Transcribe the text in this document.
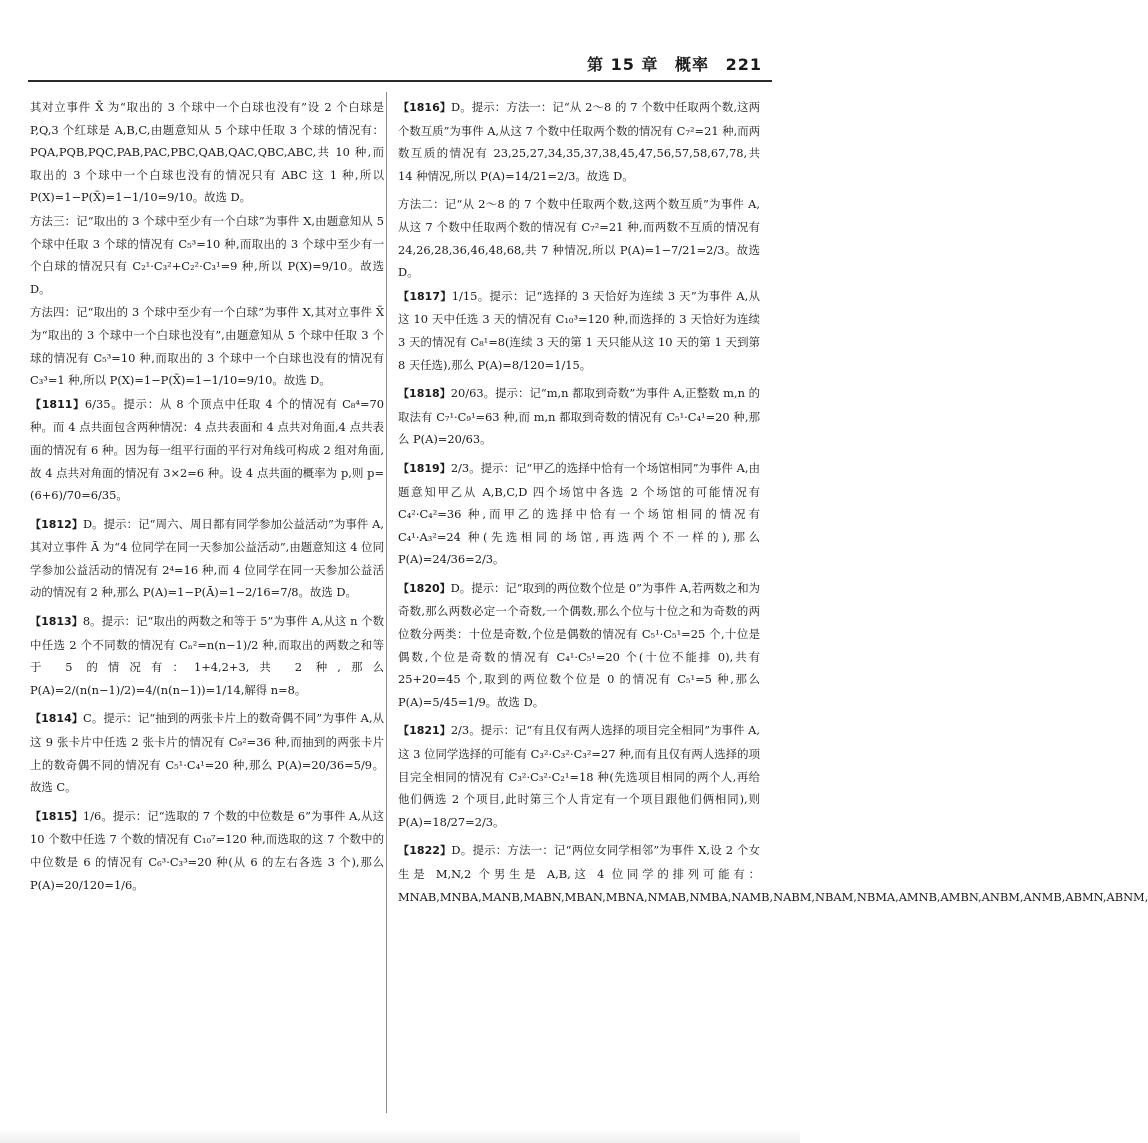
第 15 章 概率 221

其对立事件 X̄ 为“取出的 3 个球中一个白球也没有”设 2 个白球是 P,Q,3 个红球是 A,B,C,由题意知从 5 个球中任取 3 个球的情况有：PQA,PQB,PQC,PAB,PAC,PBC,QAB,QAC,QBC,ABC,共 10 种,而取出的 3 个球中一个白球也没有的情况只有 ABC 这 1 种,所以 P(X)=1−P(X̄)=1−1/10=9/10。故选 D。

方法三：记“取出的 3 个球中至少有一个白球”为事件 X,由题意知从 5 个球中任取 3 个球的情况有 C₅³=10 种,而取出的 3 个球中至少有一个白球的情况只有 C₂¹·C₃²+C₂²·C₃¹=9 种,所以 P(X)=9/10。故选 D。

方法四：记“取出的 3 个球中至少有一个白球”为事件 X,其对立事件 X̄ 为“取出的 3 个球中一个白球也没有”,由题意知从 5 个球中任取 3 个球的情况有 C₅³=10 种,而取出的 3 个球中一个白球也没有的情况有 C₃³=1 种,所以 P(X)=1−P(X̄)=1−1/10=9/10。故选 D。

【1811】6/35。提示：从 8 个顶点中任取 4 个的情况有 C₈⁴=70 种。而 4 点共面包含两种情况：4 点共表面和 4 点共对角面,4 点共表面的情况有 6 种。因为每一组平行面的平行对角线可构成 2 组对角面,故 4 点共对角面的情况有 3×2=6 种。设 4 点共面的概率为 p,则 p=(6+6)/70=6/35。

【1812】D。提示：记“周六、周日都有同学参加公益活动”为事件 A,其对立事件 Ā 为“4 位同学在同一天参加公益活动”,由题意知这 4 位同学参加公益活动的情况有 2⁴=16 种,而 4 位同学在同一天参加公益活动的情况有 2 种,那么 P(A)=1−P(Ā)=1−2/16=7/8。故选 D。

【1813】8。提示：记“取出的两数之和等于 5”为事件 A,从这 n 个数中任选 2 个不同数的情况有 Cₙ²=n(n−1)/2 种,而取出的两数之和等于 5 的情况有：1+4,2+3,共 2 种,那么 P(A)=2/(n(n−1)/2)=4/(n(n−1))=1/14,解得 n=8。

【1814】C。提示：记“抽到的两张卡片上的数奇偶不同”为事件 A,从这 9 张卡片中任选 2 张卡片的情况有 C₉²=36 种,而抽到的两张卡片上的数奇偶不同的情况有 C₅¹·C₄¹=20 种,那么 P(A)=20/36=5/9。故选 C。

【1815】1/6。提示：记“选取的 7 个数的中位数是 6”为事件 A,从这 10 个数中任选 7 个数的情况有 C₁₀⁷=120 种,而选取的这 7 个数中的中位数是 6 的情况有 C₆³·C₃³=20 种(从 6 的左右各选 3 个),那么 P(A)=20/120=1/6。

【1816】D。提示：方法一：记“从 2～8 的 7 个数中任取两个数,这两个数互质”为事件 A,从这 7 个数中任取两个数的情况有 C₇²=21 种,而两数互质的情况有 23,25,27,34,35,37,38,45,47,56,57,58,67,78,共 14 种情况,所以 P(A)=14/21=2/3。故选 D。

方法二：记“从 2～8 的 7 个数中任取两个数,这两个数互质”为事件 A,从这 7 个数中任取两个数的情况有 C₇²=21 种,而两数不互质的情况有 24,26,28,36,46,48,68,共 7 种情况,所以 P(A)=1−7/21=2/3。故选 D。

【1817】1/15。提示：记“选择的 3 天恰好为连续 3 天”为事件 A,从这 10 天中任选 3 天的情况有 C₁₀³=120 种,而选择的 3 天恰好为连续 3 天的情况有 C₈¹=8(连续 3 天的第 1 天只能从这 10 天的第 1 天到第 8 天任选),那么 P(A)=8/120=1/15。

【1818】20/63。提示：记“m,n 都取到奇数”为事件 A,正整数 m,n 的取法有 C₇¹·C₉¹=63 种,而 m,n 都取到奇数的情况有 C₅¹·C₄¹=20 种,那么 P(A)=20/63。

【1819】2/3。提示：记“甲乙的选择中恰有一个场馆相同”为事件 A,由题意知甲乙从 A,B,C,D 四个场馆中各选 2 个场馆的可能情况有 C₄²·C₄²=36 种,而甲乙的选择中恰有一个场馆相同的情况有 C₄¹·A₃²=24 种(先选相同的场馆,再选两个不一样的),那么 P(A)=24/36=2/3。

【1820】D。提示：记“取到的两位数个位是 0”为事件 A,若两数之和为奇数,那么两数必定一个奇数,一个偶数,那么个位与十位之和为奇数的两位数分两类：十位是奇数,个位是偶数的情况有 C₅¹·C₅¹=25 个,十位是偶数,个位是奇数的情况有 C₄¹·C₅¹=20 个(十位不能排 0),共有 25+20=45 个,取到的两位数个位是 0 的情况有 C₅¹=5 种,那么 P(A)=5/45=1/9。故选 D。

【1821】2/3。提示：记“有且仅有两人选择的项目完全相同”为事件 A,这 3 位同学选择的可能有 C₃²·C₃²·C₃²=27 种,而有且仅有两人选择的项目完全相同的情况有 C₃²·C₃²·C₂¹=18 种(先选项目相同的两个人,再给他们俩选 2 个项目,此时第三个人肯定有一个项目跟他们俩相同),则 P(A)=18/27=2/3。

【1822】D。提示：方法一：记“两位女同学相邻”为事件 X,设 2 个女生是 M,N,2 个男生是 A,B,这 4 位同学的排列可能有：MNAB,MNBA,MANB,MABN,MBAN,MBNA,NMAB,NMBA,NAMB,NABM,NBAM,NBMA,AMNB,AMBN,ANBM,ANMB,ABMN,ABNM,
